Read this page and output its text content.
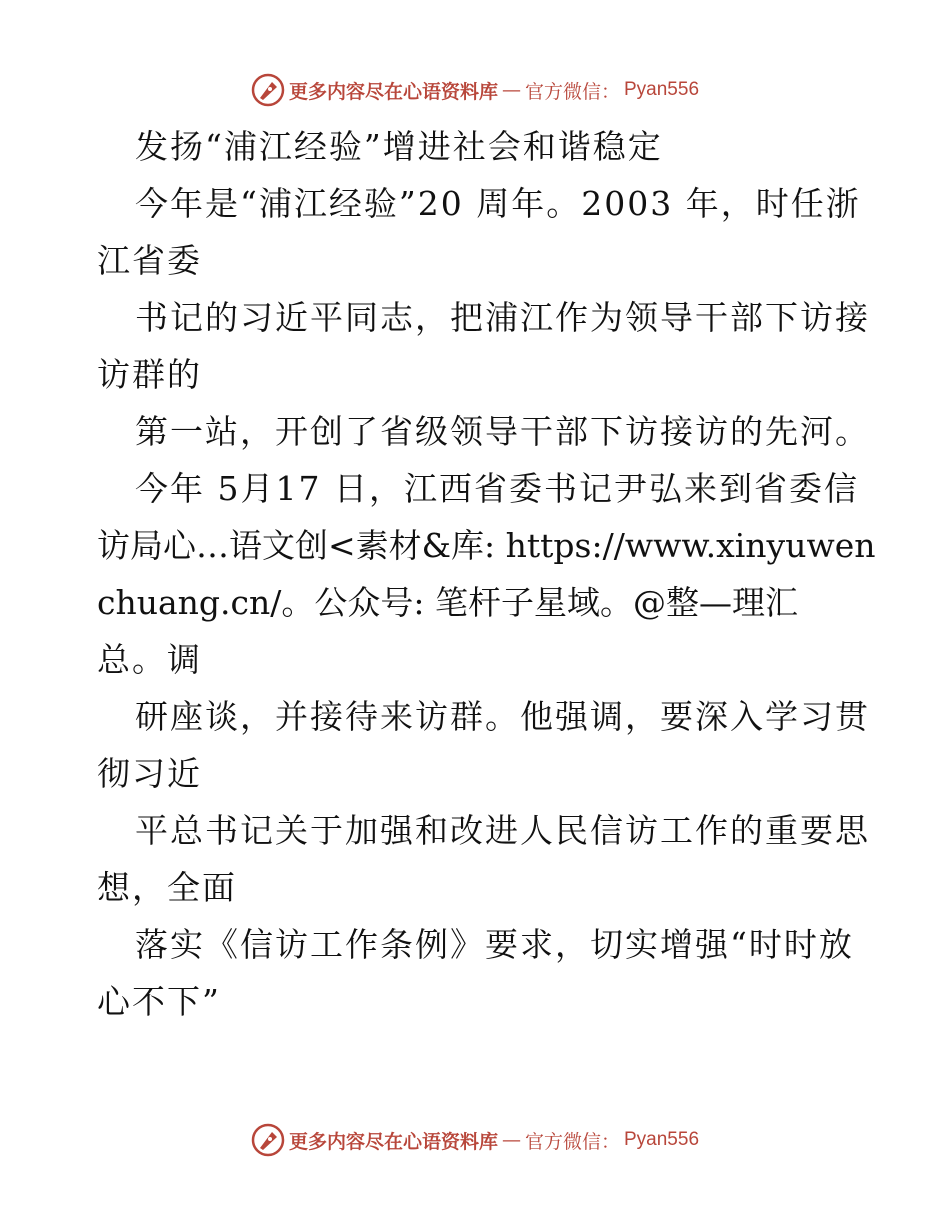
更多内容尽在心语资料库 — 官方微信： Pyan556
发扬“浦江经验”增进社会和谐稳定
今年是“浦江经验”20 周年。2003 年，时任浙
江省委
书记的习近平同志，把浦江作为领导干部下访接
访群的
第一站，开创了省级领导干部下访接访的先河。
今年 5月17 日，江西省委书记尹弘来到省委信
访局心…语文创<素材&库: https://www.xinyuwen
chuang.cn/。公众号: 笔杆子星域。@整—理汇
总。调
研座谈，并接待来访群。他强调，要深入学习贯
彻习近
平总书记关于加强和改进人民信访工作的重要思
想，全面
落实《信访工作条例》要求，切实增强“时时放
心不下”
更多内容尽在心语资料库 — 官方微信： Pyan556
